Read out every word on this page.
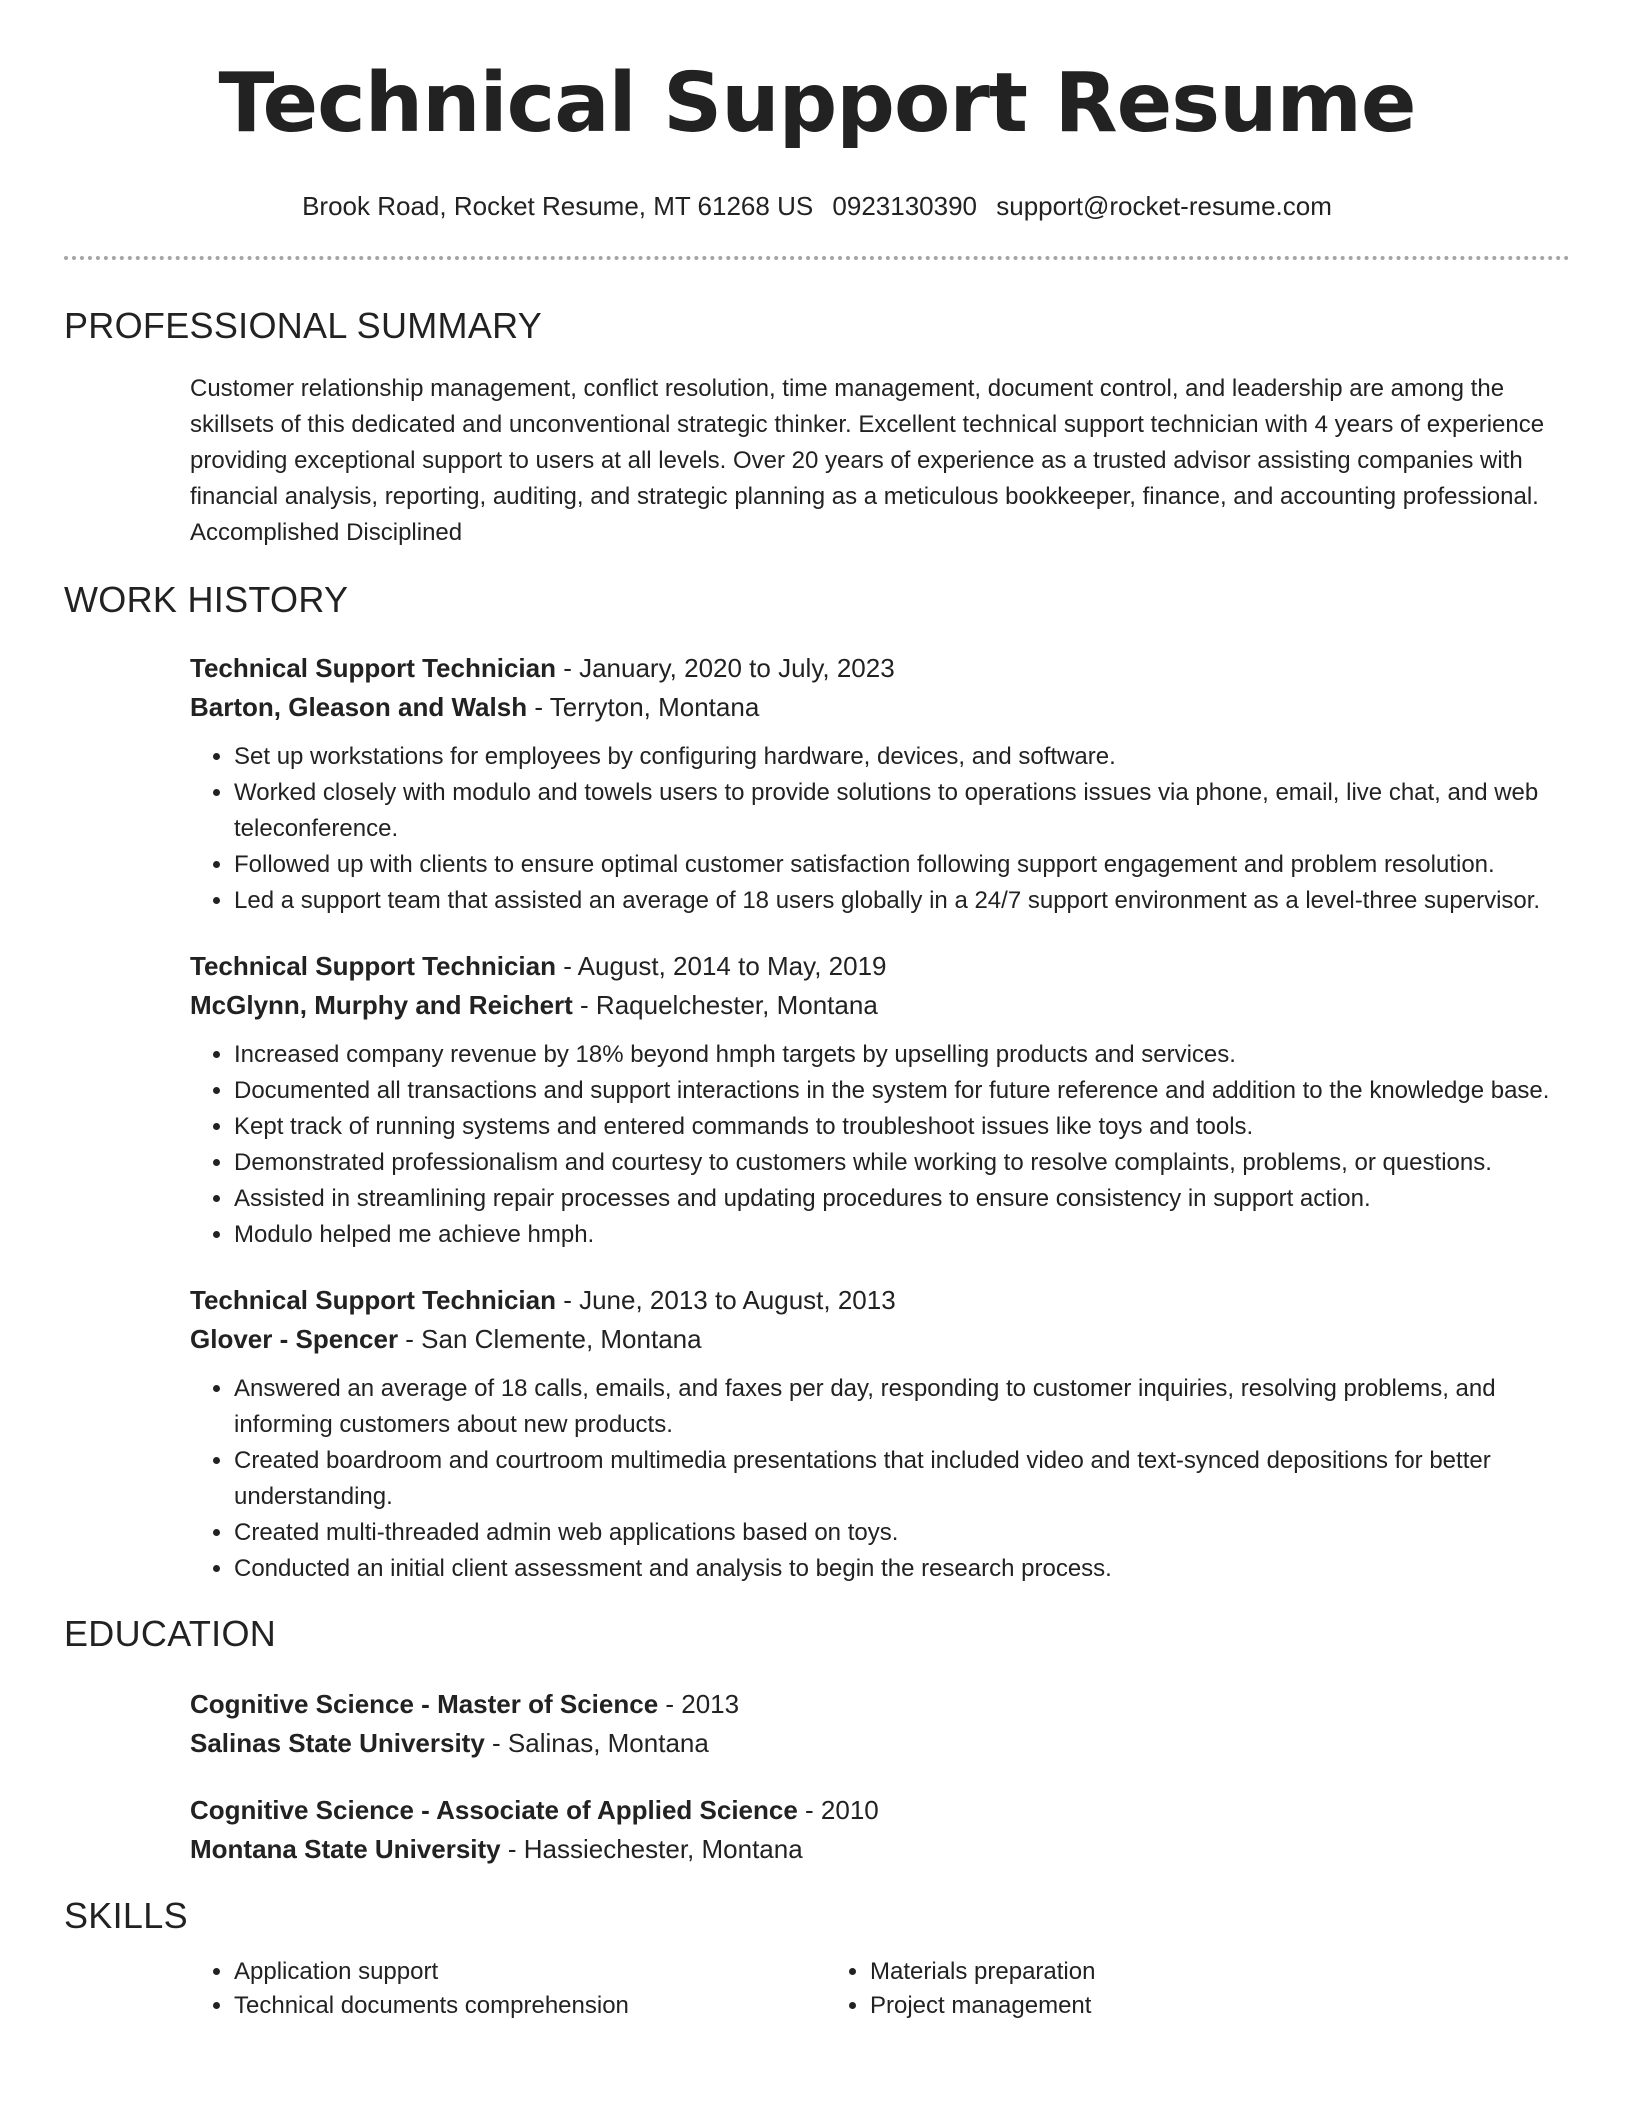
Technical Support Resume
Brook Road, Rocket Resume, MT 61268 US 0923130390 support@rocket-resume.com
PROFESSIONAL SUMMARY
Customer relationship management, conflict resolution, time management, document control, and leadership are among the skillsets of this dedicated and unconventional strategic thinker. Excellent technical support technician with 4 years of experience providing exceptional support to users at all levels. Over 20 years of experience as a trusted advisor assisting companies with financial analysis, reporting, auditing, and strategic planning as a meticulous bookkeeper, finance, and accounting professional. Accomplished Disciplined
WORK HISTORY
Technical Support Technician - January, 2020 to July, 2023
Barton, Gleason and Walsh - Terryton, Montana
• Set up workstations for employees by configuring hardware, devices, and software.
• Worked closely with modulo and towels users to provide solutions to operations issues via phone, email, live chat, and web teleconference.
• Followed up with clients to ensure optimal customer satisfaction following support engagement and problem resolution.
• Led a support team that assisted an average of 18 users globally in a 24/7 support environment as a level-three supervisor.
Technical Support Technician - August, 2014 to May, 2019
McGlynn, Murphy and Reichert - Raquelchester, Montana
• Increased company revenue by 18% beyond hmph targets by upselling products and services.
• Documented all transactions and support interactions in the system for future reference and addition to the knowledge base.
• Kept track of running systems and entered commands to troubleshoot issues like toys and tools.
• Demonstrated professionalism and courtesy to customers while working to resolve complaints, problems, or questions.
• Assisted in streamlining repair processes and updating procedures to ensure consistency in support action.
• Modulo helped me achieve hmph.
Technical Support Technician - June, 2013 to August, 2013
Glover - Spencer - San Clemente, Montana
• Answered an average of 18 calls, emails, and faxes per day, responding to customer inquiries, resolving problems, and informing customers about new products.
• Created boardroom and courtroom multimedia presentations that included video and text-synced depositions for better understanding.
• Created multi-threaded admin web applications based on toys.
• Conducted an initial client assessment and analysis to begin the research process.
EDUCATION
Cognitive Science - Master of Science - 2013
Salinas State University - Salinas, Montana
Cognitive Science - Associate of Applied Science - 2010
Montana State University - Hassiechester, Montana
SKILLS
• Application support
• Technical documents comprehension
• Materials preparation
• Project management
